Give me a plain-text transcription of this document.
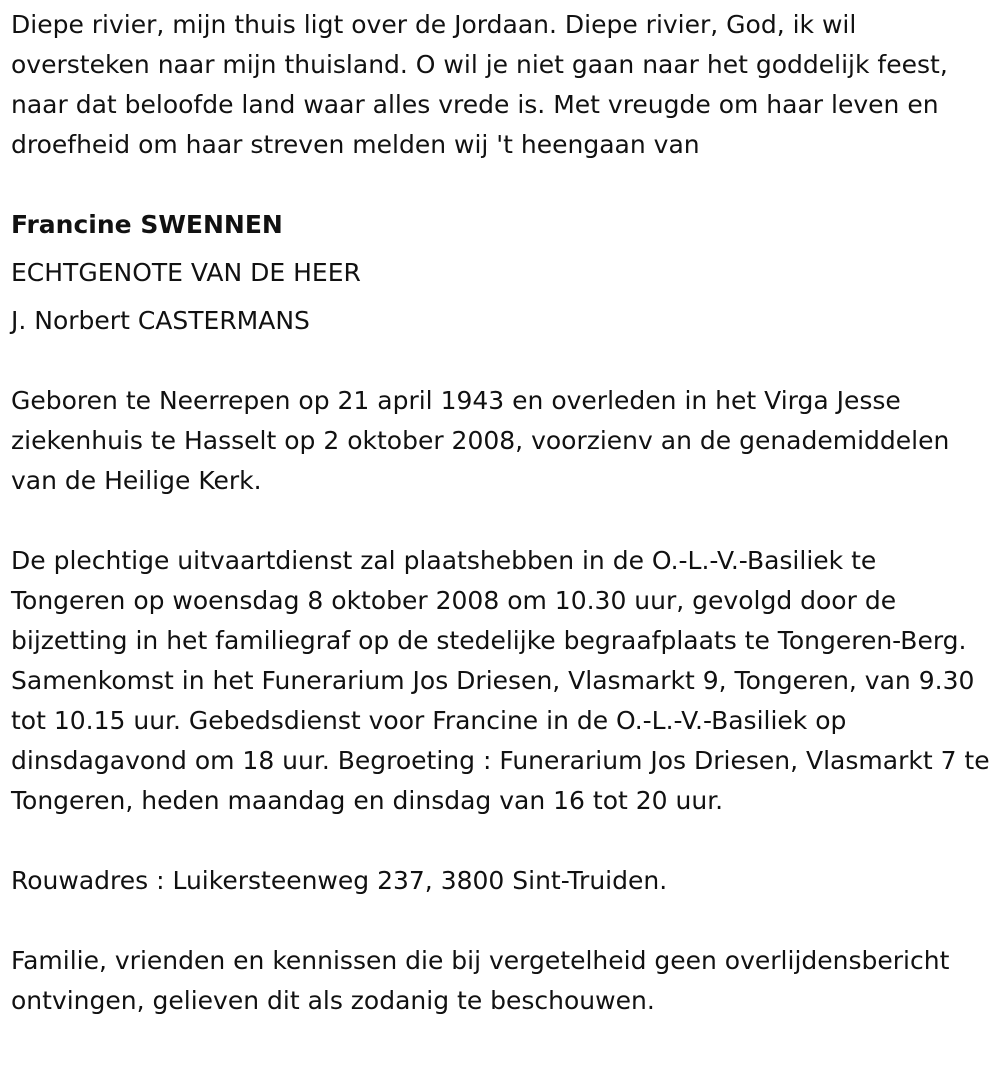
Diepe rivier, mijn thuis ligt over de Jordaan. Diepe rivier, God, ik wil oversteken naar mijn thuisland. O wil je niet gaan naar het goddelijk feest, naar dat beloofde land waar alles vrede is. Met vreugde om haar leven en droefheid om haar streven melden wij 't heengaan van

Francine SWENNEN

ECHTGENOTE VAN DE HEER

J. Norbert CASTERMANS

Geboren te Neerrepen op 21 april 1943 en overleden in het Virga Jesse ziekenhuis te Hasselt op 2 oktober 2008, voorzienv an de genademiddelen van de Heilige Kerk.

De plechtige uitvaartdienst zal plaatshebben in de O.-L.-V.-Basiliek te Tongeren op woensdag 8 oktober 2008 om 10.30 uur, gevolgd door de bijzetting in het familiegraf op de stedelijke begraafplaats te Tongeren-Berg. Samenkomst in het Funerarium Jos Driesen, Vlasmarkt 9, Tongeren, van 9.30 tot 10.15 uur. Gebedsdienst voor Francine in de O.-L.-V.-Basiliek op dinsdagavond om 18 uur. Begroeting : Funerarium Jos Driesen, Vlasmarkt 7 te Tongeren, heden maandag en dinsdag van 16 tot 20 uur.

Rouwadres : Luikersteenweg 237, 3800 Sint-Truiden.

Familie, vrienden en kennissen die bij vergetelheid geen overlijdensbericht ontvingen, gelieven dit als zodanig te beschouwen.
